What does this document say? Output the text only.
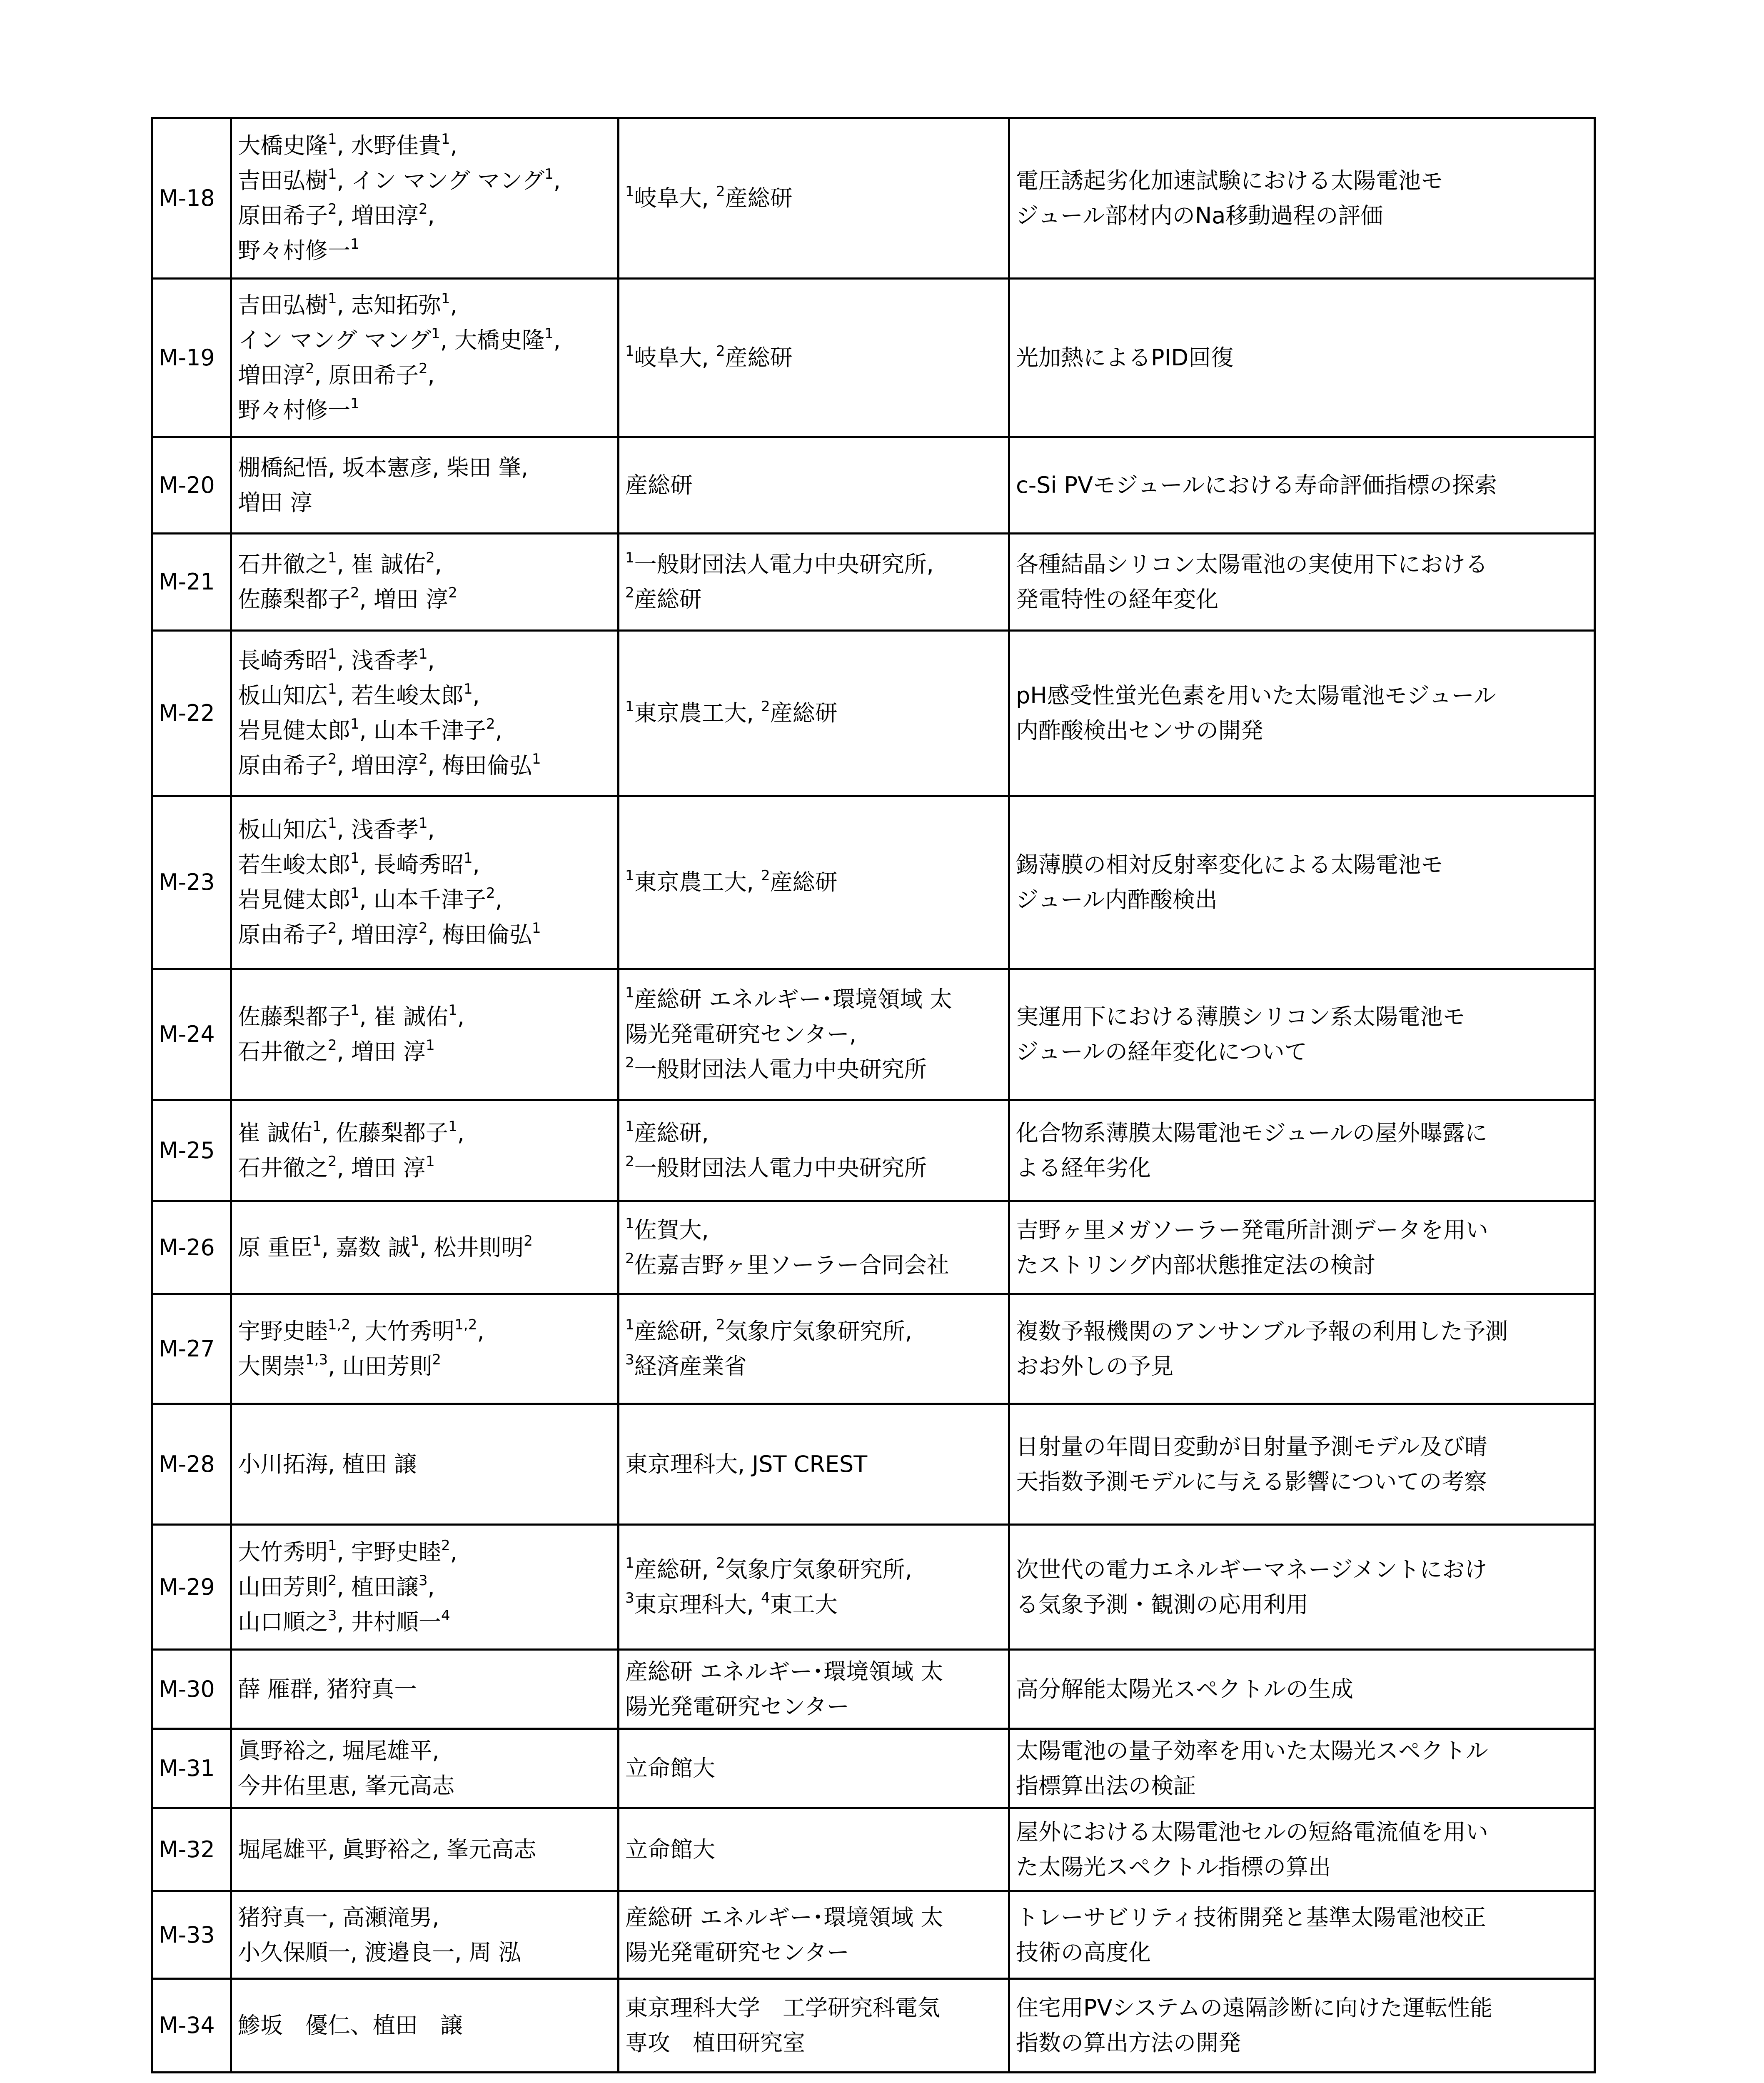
M-18	大橋史隆$^1$, 水野佳貴$^1$,
吉田弘樹$^1$, イン マング マング$^1$,
原田希子$^2$, 増田淳$^2$,
野々村修一$^1$	$^1$岐阜大, $^2$産総研	電圧誘起劣化加速試験における太陽電池モ
ジュール部材内のNa移動過程の評価

M-19	吉田弘樹$^1$, 志知拓弥$^1$,
イン マング マング$^1$, 大橋史隆$^1$,
増田淳$^2$, 原田希子$^2$,
野々村修一$^1$	$^1$岐阜大, $^2$産総研	光加熱によるPID回復

M-20	棚橋紀悟, 坂本憲彦, 柴田 肇,
増田 淳	産総研	c-Si PVモジュールにおける寿命評価指標の探索

M-21	石井徹之$^1$, 崔 誠佑$^2$,
佐藤梨都子$^2$, 増田 淳$^2$	$^1$一般財団法人電力中央研究所,
$^2$産総研	各種結晶シリコン太陽電池の実使用下における
発電特性の経年変化

M-22	長崎秀昭$^1$, 浅香孝$^1$,
板山知広$^1$, 若生峻太郎$^1$,
岩見健太郎$^1$, 山本千津子$^2$,
原由希子$^2$, 増田淳$^2$, 梅田倫弘$^1$	$^1$東京農工大, $^2$産総研	pH感受性蛍光色素を用いた太陽電池モジュール
内酢酸検出センサの開発

M-23	板山知広$^1$, 浅香孝$^1$,
若生峻太郎$^1$, 長崎秀昭$^1$,
岩見健太郎$^1$, 山本千津子$^2$,
原由希子$^2$, 増田淳$^2$, 梅田倫弘$^1$	$^1$東京農工大, $^2$産総研	錫薄膜の相対反射率変化による太陽電池モ
ジュール内酢酸検出

M-24	佐藤梨都子$^1$, 崔 誠佑$^1$,
石井徹之$^2$, 増田 淳$^1$	$^1$産総研 エネルギー･環境領域 太
陽光発電研究センター,
$^2$一般財団法人電力中央研究所	実運用下における薄膜シリコン系太陽電池モ
ジュールの経年変化について

M-25	崔 誠佑$^1$, 佐藤梨都子$^1$,
石井徹之$^2$, 増田 淳$^1$	$^1$産総研,
$^2$一般財団法人電力中央研究所	化合物系薄膜太陽電池モジュールの屋外曝露に
よる経年劣化

M-26	原 重臣$^1$, 嘉数 誠$^1$, 松井則明$^2$	$^1$佐賀大,
$^2$佐嘉吉野ヶ里ソーラー合同会社	吉野ヶ里メガソーラー発電所計測データを用い
たストリング内部状態推定法の検討

M-27	宇野史睦$^{1,2}$, 大竹秀明$^{1,2}$,
大関崇$^{1,3}$, 山田芳則$^2$	$^1$産総研, $^2$気象庁気象研究所,
$^3$経済産業省	複数予報機関のアンサンブル予報の利用した予測
おお外しの予見

M-28	小川拓海, 植田 譲	東京理科大, JST CREST	日射量の年間日変動が日射量予測モデル及び晴
天指数予測モデルに与える影響についての考察

M-29	大竹秀明$^1$, 宇野史睦$^2$,
山田芳則$^2$, 植田譲$^3$,
山口順之$^3$, 井村順一$^4$	$^1$産総研, $^2$気象庁気象研究所,
$^3$東京理科大, $^4$東工大	次世代の電力エネルギーマネージメントにおけ
る気象予測・観測の応用利用

M-30	薛 雁群, 猪狩真一	産総研 エネルギー･環境領域 太
陽光発電研究センター	高分解能太陽光スペクトルの生成

M-31	眞野裕之, 堀尾雄平,
今井佑里恵, 峯元高志	立命館大	太陽電池の量子効率を用いた太陽光スペクトル
指標算出法の検証

M-32	堀尾雄平, 眞野裕之, 峯元高志	立命館大	屋外における太陽電池セルの短絡電流値を用い
た太陽光スペクトル指標の算出

M-33	猪狩真一, 高瀬滝男,
小久保順一, 渡邉良一, 周 泓	産総研 エネルギー･環境領域 太
陽光発電研究センター	トレーサビリティ技術開発と基準太陽電池校正
技術の高度化

M-34	鯵坂　優仁、植田　譲	東京理科大学　工学研究科電気
専攻　植田研究室	住宅用PVシステムの遠隔診断に向けた運転性能
指数の算出方法の開発
